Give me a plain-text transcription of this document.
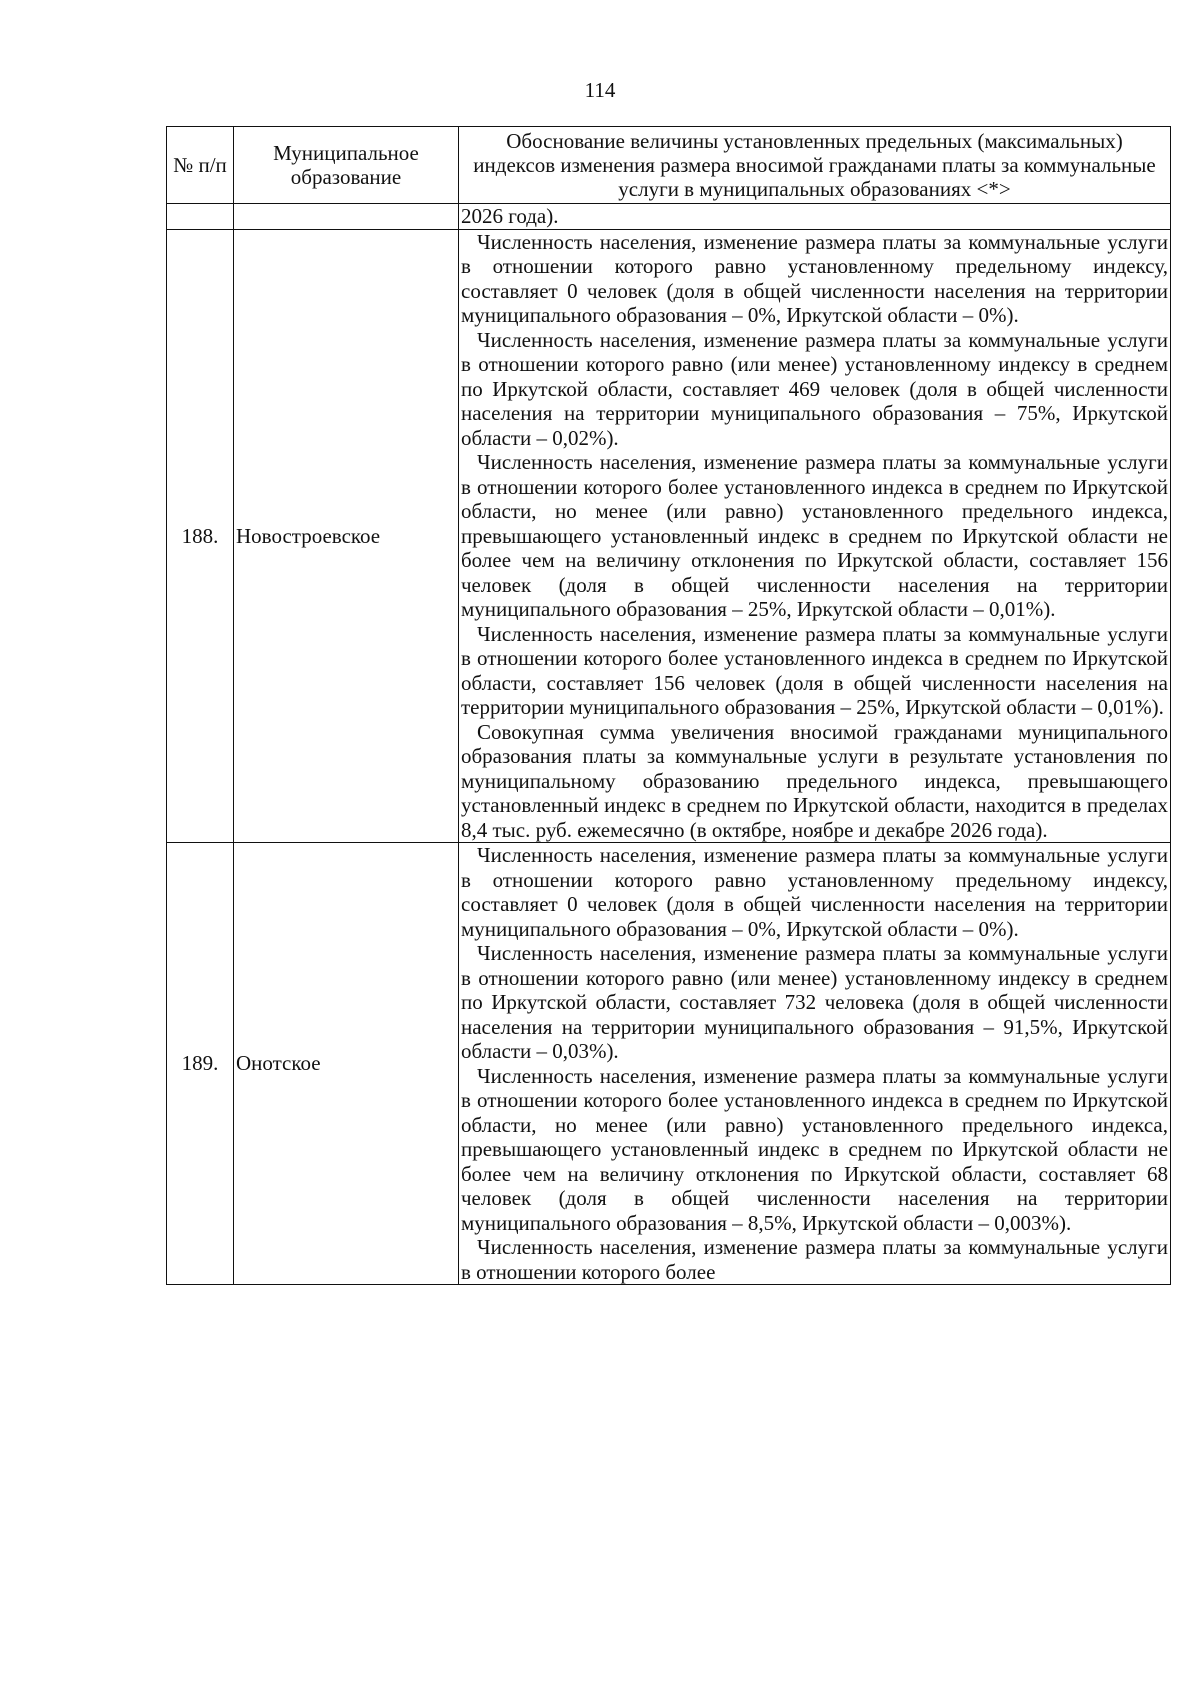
114
№ п/п	Муниципальное образование	Обоснование величины установленных предельных (максимальных) индексов изменения размера вносимой гражданами платы за коммунальные услуги в муниципальных образованиях <*>

		2026 года).

188.	Новостроевское	Численность населения, изменение размера платы за коммунальные услуги в отношении которого равно установленному предельному индексу, составляет 0 человек (доля в общей численности населения на территории муниципального образования – 0%, Иркутской области – 0%).
Численность населения, изменение размера платы за коммунальные услуги в отношении которого равно (или менее) установленному индексу в среднем по Иркутской области, составляет 469 человек (доля в общей численности населения на территории муниципального образования – 75%, Иркутской области – 0,02%).
Численность населения, изменение размера платы за коммунальные услуги в отношении которого более установленного индекса в среднем по Иркутской области, но менее (или равно) установленного предельного индекса, превышающего установленный индекс в среднем по Иркутской области не более чем на величину отклонения по Иркутской области, составляет 156 человек (доля в общей численности населения на территории муниципального образования – 25%, Иркутской области – 0,01%).
Численность населения, изменение размера платы за коммунальные услуги в отношении которого более установленного индекса в среднем по Иркутской области, составляет 156 человек (доля в общей численности населения на территории муниципального образования – 25%, Иркутской области – 0,01%).
Совокупная сумма увеличения вносимой гражданами муниципального образования платы за коммунальные услуги в результате установления по муниципальному образованию предельного индекса, превышающего установленный индекс в среднем по Иркутской области, находится в пределах 8,4 тыс. руб. ежемесячно (в октябре, ноябре и декабре 2026 года).

189.	Онотское	Численность населения, изменение размера платы за коммунальные услуги в отношении которого равно установленному предельному индексу, составляет 0 человек (доля в общей численности населения на территории муниципального образования – 0%, Иркутской области – 0%).
Численность населения, изменение размера платы за коммунальные услуги в отношении которого равно (или менее) установленному индексу в среднем по Иркутской области, составляет 732 человека (доля в общей численности населения на территории муниципального образования – 91,5%, Иркутской области – 0,03%).
Численность населения, изменение размера платы за коммунальные услуги в отношении которого более установленного индекса в среднем по Иркутской области, но менее (или равно) установленного предельного индекса, превышающего установленный индекс в среднем по Иркутской области не более чем на величину отклонения по Иркутской области, составляет 68 человек (доля в общей численности населения на территории муниципального образования – 8,5%, Иркутской области – 0,003%).
Численность населения, изменение размера платы за коммунальные услуги в отношении которого более
